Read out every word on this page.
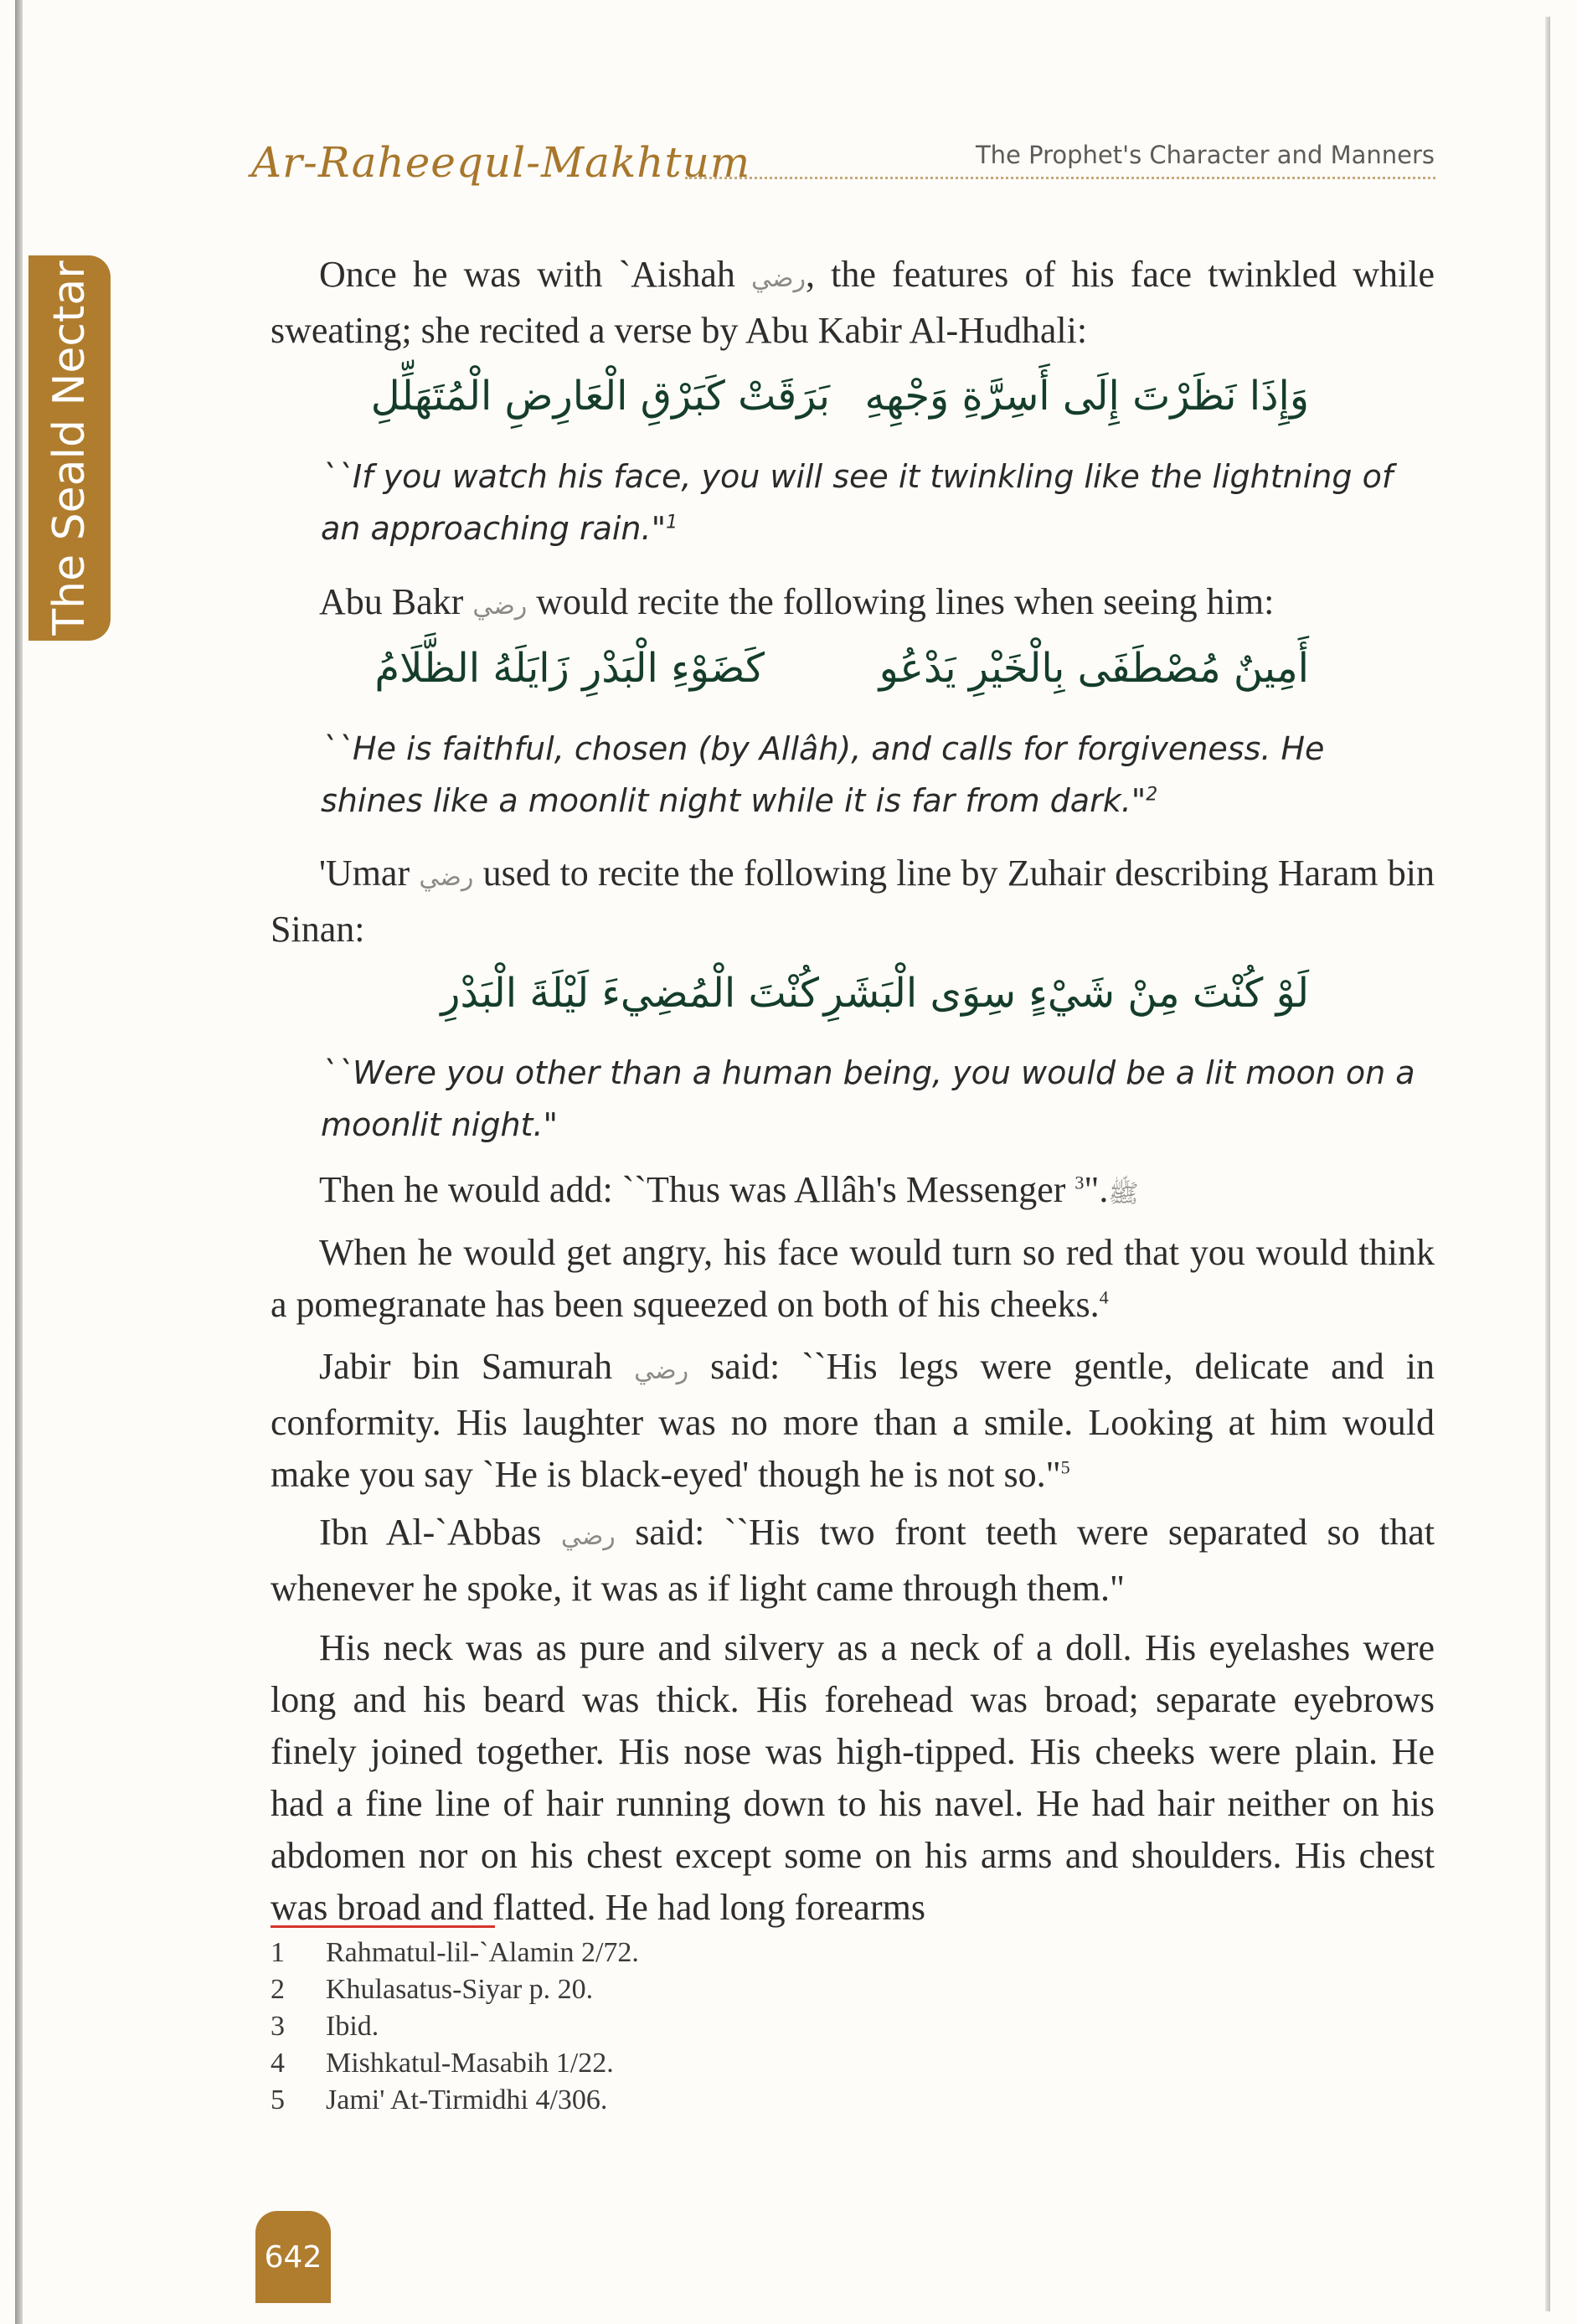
The Seald Nectar
Ar-Raheequl-Makhtum	The Prophet's Character and Manners

Once he was with `Aishah رضي, the features of his face twinkled while sweating; she recited a verse by Abu Kabir Al-Hudhali:

وَإِذَا نَظَرْتَ إِلَى أَسِرَّةِ وَجْهِهِ

بَرَقَتْ كَبَرْقِ الْعَارِضِ الْمُتَهَلِّلِ

``If you watch his face, you will see it twinkling like the lightning of an approaching rain."$^1$

Abu Bakr رضي would recite the following lines when seeing him:

أَمِينٌ مُصْطَفَى بِالْخَيْرِ يَدْعُو

كَضَوْءِ الْبَدْرِ زَايَلَهُ الظَّلَامُ

``He is faithful, chosen (by Allâh), and calls for forgiveness. He shines like a moonlit night while it is far from dark."$^2$

'Umar رضي used to recite the following line by Zuhair describing Haram bin Sinan:

لَوْ كُنْتَ مِنْ شَيْءٍ سِوَى الْبَشَرِ

كُنْتَ الْمُضِيءَ لَيْلَةَ الْبَدْرِ

``Were you other than a human being, you would be a lit moon on a moonlit night."

Then he would add: ``Thus was Allâh's Messenger ﷺ."$^3$

When he would get angry, his face would turn so red that you would think a pomegranate has been squeezed on both of his cheeks.$^4$

Jabir bin Samurah رضي said: ``His legs were gentle, delicate and in conformity. His laughter was no more than a smile. Looking at him would make you say `He is black-eyed' though he is not so."$^5$

Ibn Al-`Abbas رضي said: ``His two front teeth were separated so that whenever he spoke, it was as if light came through them."

His neck was as pure and silvery as a neck of a doll. His eyelashes were long and his beard was thick. His forehead was broad; separate eyebrows finely joined together. His nose was high-tipped. His cheeks were plain. He had a fine line of hair running down to his navel. He had hair neither on his abdomen nor on his chest except some on his arms and shoulders. His chest was broad and flatted. He had long forearms

1	Rahmatul-lil-`Alamin 2/72.
2	Khulasatus-Siyar p. 20.
3	Ibid.
4	Mishkatul-Masabih 1/22.
5	Jami' At-Tirmidhi 4/306.
642
